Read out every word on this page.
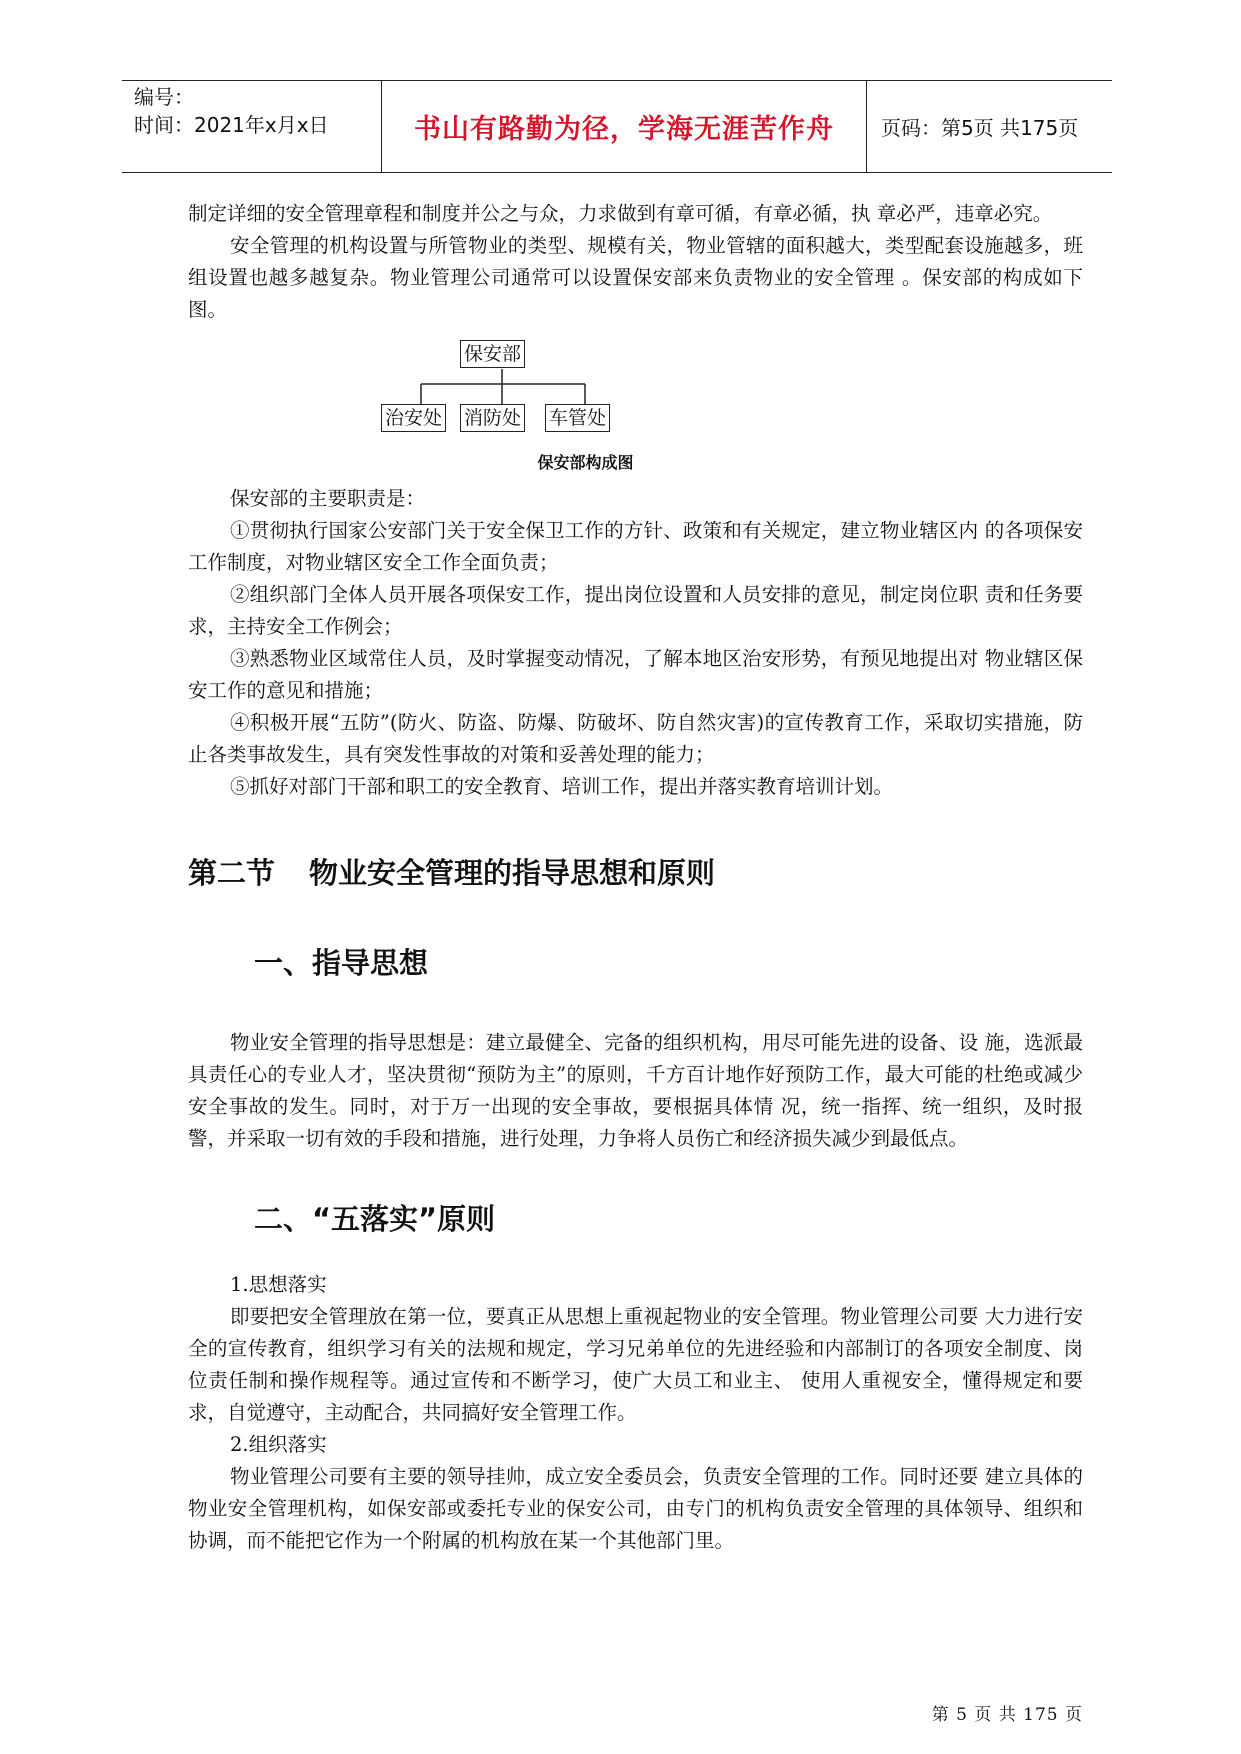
编号：
时间：2021年x月x日	书山有路勤为径，学海无涯苦作舟 页码：第5页 共175页

制定详细的安全管理章程和制度并公之与众，力求做到有章可循，有章必循，执 章必严，违章必究。

安全管理的机构设置与所管物业的类型、规模有关，物业管辖的面积越大，类型配套设施越多，班组设置也越多越复杂。物业管理公司通常可以设置保安部来负责物业的安全管理 。保安部的构成如下图。

保安部
治安处 消防处 车管处
保安部构成图

保安部的主要职责是：

①贯彻执行国家公安部门关于安全保卫工作的方针、政策和有关规定，建立物业辖区内 的各项保安工作制度，对物业辖区安全工作全面负责；

②组织部门全体人员开展各项保安工作，提出岗位设置和人员安排的意见，制定岗位职 责和任务要求，主持安全工作例会；

③熟悉物业区域常住人员，及时掌握变动情况，了解本地区治安形势，有预见地提出对 物业辖区保安工作的意见和措施；

④积极开展“五防”(防火、防盗、防爆、防破坏、防自然灾害)的宣传教育工作，采取切实措施，防止各类事故发生，具有突发性事故的对策和妥善处理的能力；

⑤抓好对部门干部和职工的安全教育、培训工作，提出并落实教育培训计划。

第二节 物业安全管理的指导思想和原则
一、指导思想

物业安全管理的指导思想是：建立最健全、完备的组织机构，用尽可能先进的设备、设 施，选派最具责任心的专业人才，坚决贯彻“预防为主”的原则，千方百计地作好预防工作，最大可能的杜绝或减少安全事故的发生。同时，对于万一出现的安全事故，要根据具体情 况，统一指挥、统一组织，及时报警，并采取一切有效的手段和措施，进行处理，力争将人员伤亡和经济损失减少到最低点。

二、“五落实”原则

1.思想落实

即要把安全管理放在第一位，要真正从思想上重视起物业的安全管理。物业管理公司要 大力进行安全的宣传教育，组织学习有关的法规和规定，学习兄弟单位的先进经验和内部制订的各项安全制度、岗位责任制和操作规程等。通过宣传和不断学习，使广大员工和业主、 使用人重视安全，懂得规定和要求，自觉遵守，主动配合，共同搞好安全管理工作。

2.组织落实

物业管理公司要有主要的领导挂帅，成立安全委员会，负责安全管理的工作。同时还要 建立具体的物业安全管理机构，如保安部或委托专业的保安公司，由专门的机构负责安全管理的具体领导、组织和协调，而不能把它作为一个附属的机构放在某一个其他部门里。

第 5 页 共 175 页
